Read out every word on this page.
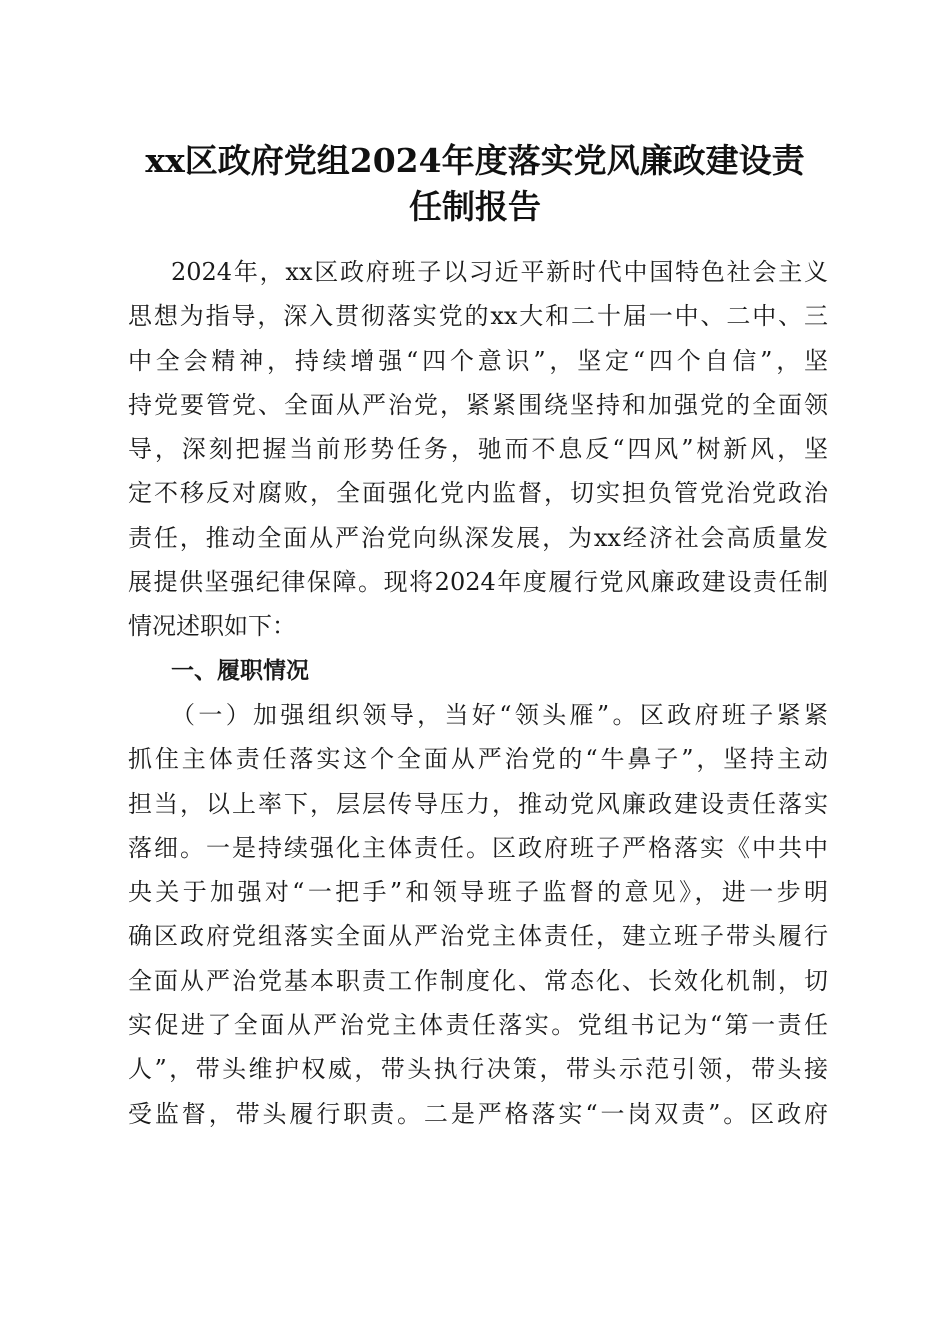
xx区政府党组2024年度落实党风廉政建设责
任制报告
2024年，xx区政府班子以习近平新时代中国特色社会主义
思想为指导，深入贯彻落实党的xx大和二十届一中、二中、三
中全会精神，持续增强“四个意识”，坚定“四个自信”，坚
持党要管党、全面从严治党，紧紧围绕坚持和加强党的全面领
导，深刻把握当前形势任务，驰而不息反“四风”树新风，坚
定不移反对腐败，全面强化党内监督，切实担负管党治党政治
责任，推动全面从严治党向纵深发展，为xx经济社会高质量发
展提供坚强纪律保障。现将2024年度履行党风廉政建设责任制
情况述职如下：
一、履职情况
（一）加强组织领导，当好“领头雁”。区政府班子紧紧
抓住主体责任落实这个全面从严治党的“牛鼻子”，坚持主动
担当，以上率下，层层传导压力，推动党风廉政建设责任落实
落细。一是持续强化主体责任。区政府班子严格落实《中共中
央关于加强对“一把手”和领导班子监督的意见》，进一步明
确区政府党组落实全面从严治党主体责任，建立班子带头履行
全面从严治党基本职责工作制度化、常态化、长效化机制，切
实促进了全面从严治党主体责任落实。党组书记为“第一责任
人”，带头维护权威，带头执行决策，带头示范引领，带头接
受监督，带头履行职责。二是严格落实“一岗双责”。区政府
